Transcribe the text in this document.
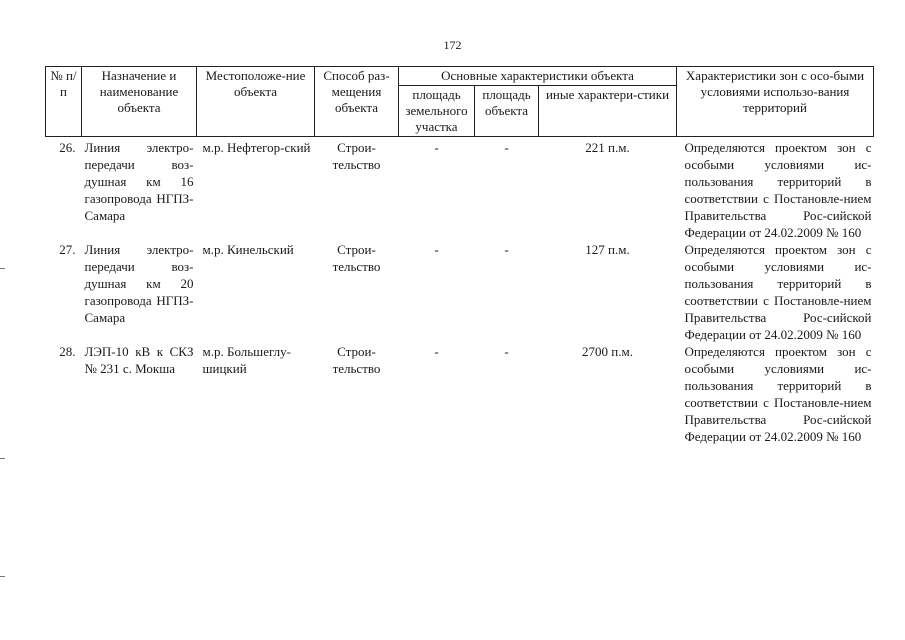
172
№ п/п	Назначение и наименование объекта	Местоположе-ние объекта	Способ раз-мещения объекта	Основные характеристики объекта			Характеристики зон с осо-быми условиями использо-вания территорий
				площадь земельного участка	площадь объекта	иные характери-стики	
26.	Линия электро-передачи воз-душная км 16 газопровода НГПЗ-Самара	м.р. Нефтегор-ский	Строи-тельство	-	-	221 п.м.	Определяются проектом зон с особыми условиями ис-пользования территорий в соответствии с Постановле-нием Правительства Рос-сийской Федерации от 24.02.2009 № 160
27.	Линия электро-передачи воз-душная км 20 газопровода НГПЗ-Самара	м.р. Кинельский	Строи-тельство	-	-	127 п.м.	Определяются проектом зон с особыми условиями ис-пользования территорий в соответствии с Постановле-нием Правительства Рос-сийской Федерации от 24.02.2009 № 160
28.	ЛЭП-10 кВ к СКЗ № 231 с. Мокша	м.р. Большеглу-шицкий	Строи-тельство	-	-	2700 п.м.	Определяются проектом зон с особыми условиями ис-пользования территорий в соответствии с Постановле-нием Правительства Рос-сийской Федерации от 24.02.2009 № 160
